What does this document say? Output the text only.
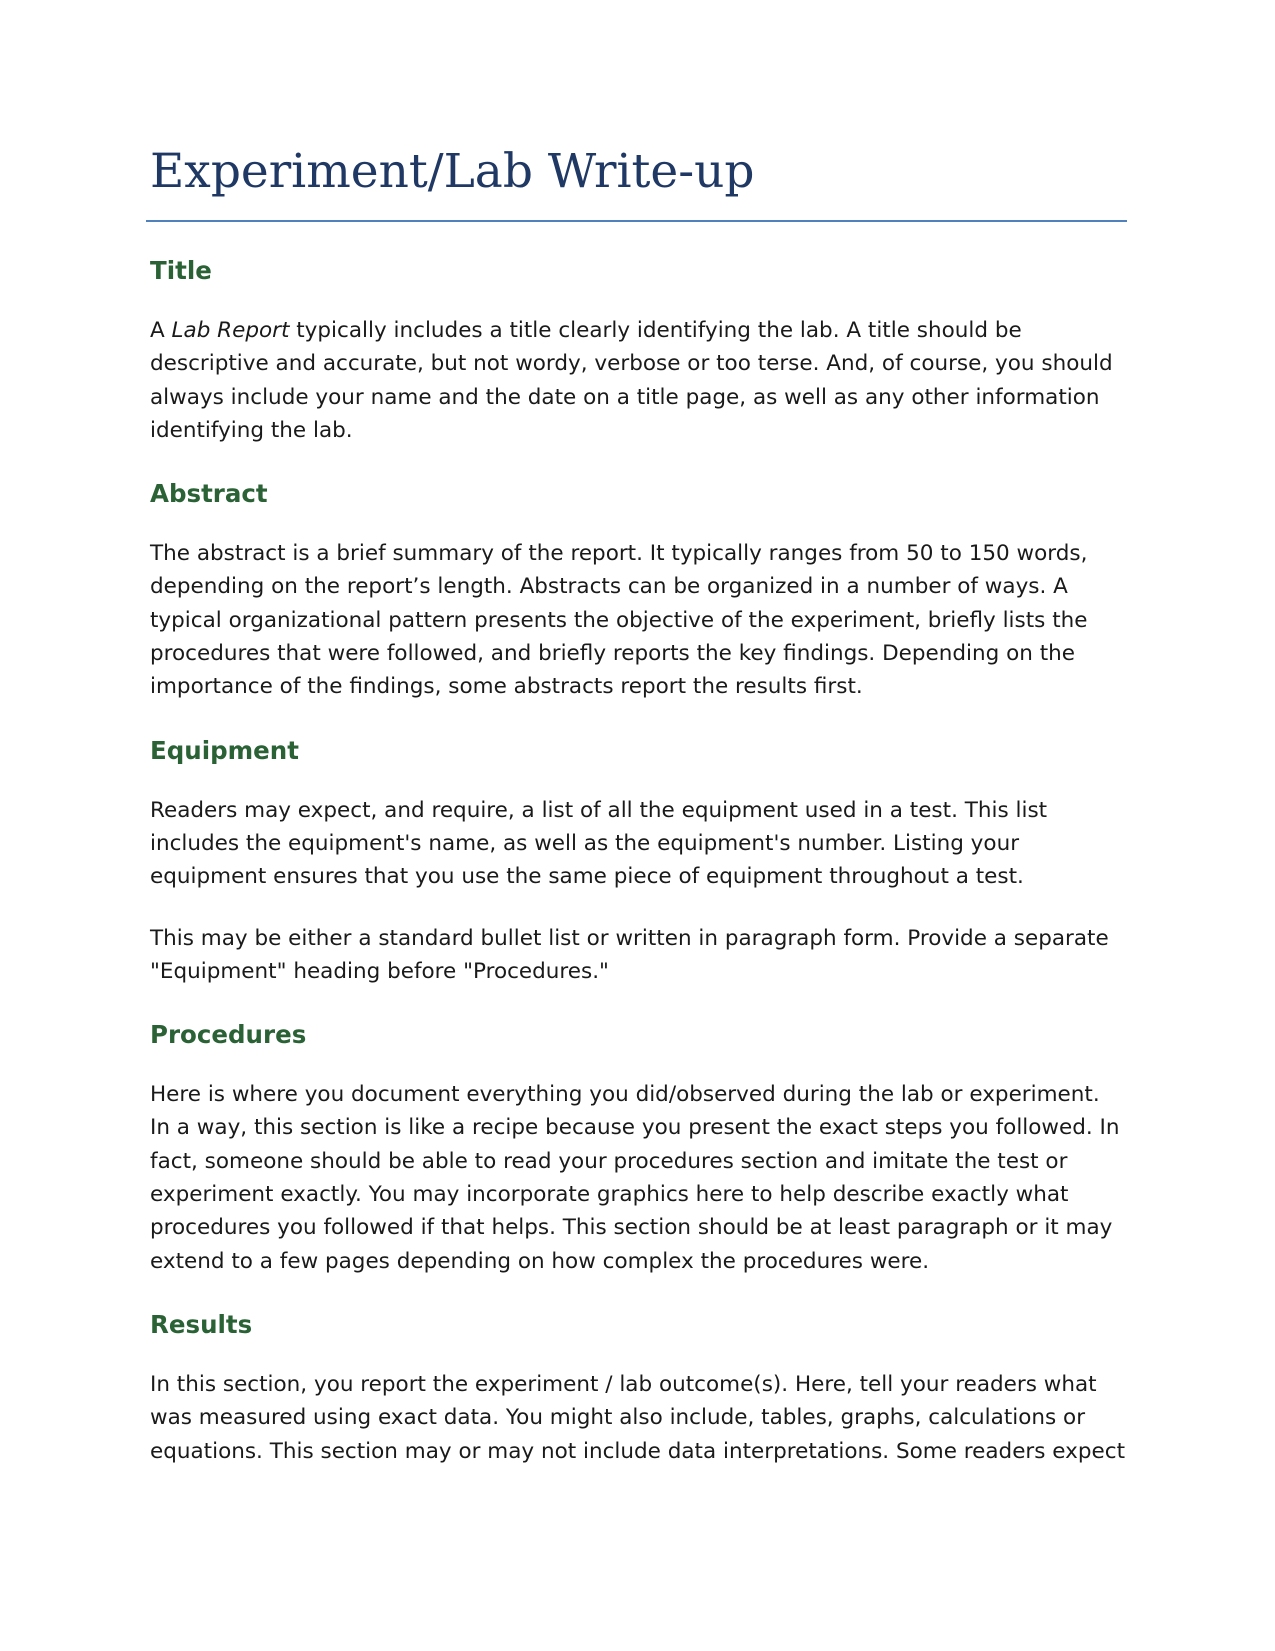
Experiment/Lab Write-up
Title

A Lab Report typically includes a title clearly identifying the lab. A title should be
descriptive and accurate, but not wordy, verbose or too terse. And, of course, you should
always include your name and the date on a title page, as well as any other information
identifying the lab.

Abstract

The abstract is a brief summary of the report. It typically ranges from 50 to 150 words,
depending on the report’s length. Abstracts can be organized in a number of ways. A
typical organizational pattern presents the objective of the experiment, briefly lists the
procedures that were followed, and briefly reports the key findings. Depending on the
importance of the findings, some abstracts report the results first.

Equipment

Readers may expect, and require, a list of all the equipment used in a test. This list
includes the equipment's name, as well as the equipment's number. Listing your
equipment ensures that you use the same piece of equipment throughout a test.

This may be either a standard bullet list or written in paragraph form. Provide a separate
"Equipment" heading before "Procedures."

Procedures

Here is where you document everything you did/observed during the lab or experiment.
In a way, this section is like a recipe because you present the exact steps you followed. In
fact, someone should be able to read your procedures section and imitate the test or
experiment exactly. You may incorporate graphics here to help describe exactly what
procedures you followed if that helps. This section should be at least paragraph or it may
extend to a few pages depending on how complex the procedures were.

Results

In this section, you report the experiment / lab outcome(s). Here, tell your readers what
was measured using exact data. You might also include, tables, graphs, calculations or
equations. This section may or may not include data interpretations. Some readers expect
